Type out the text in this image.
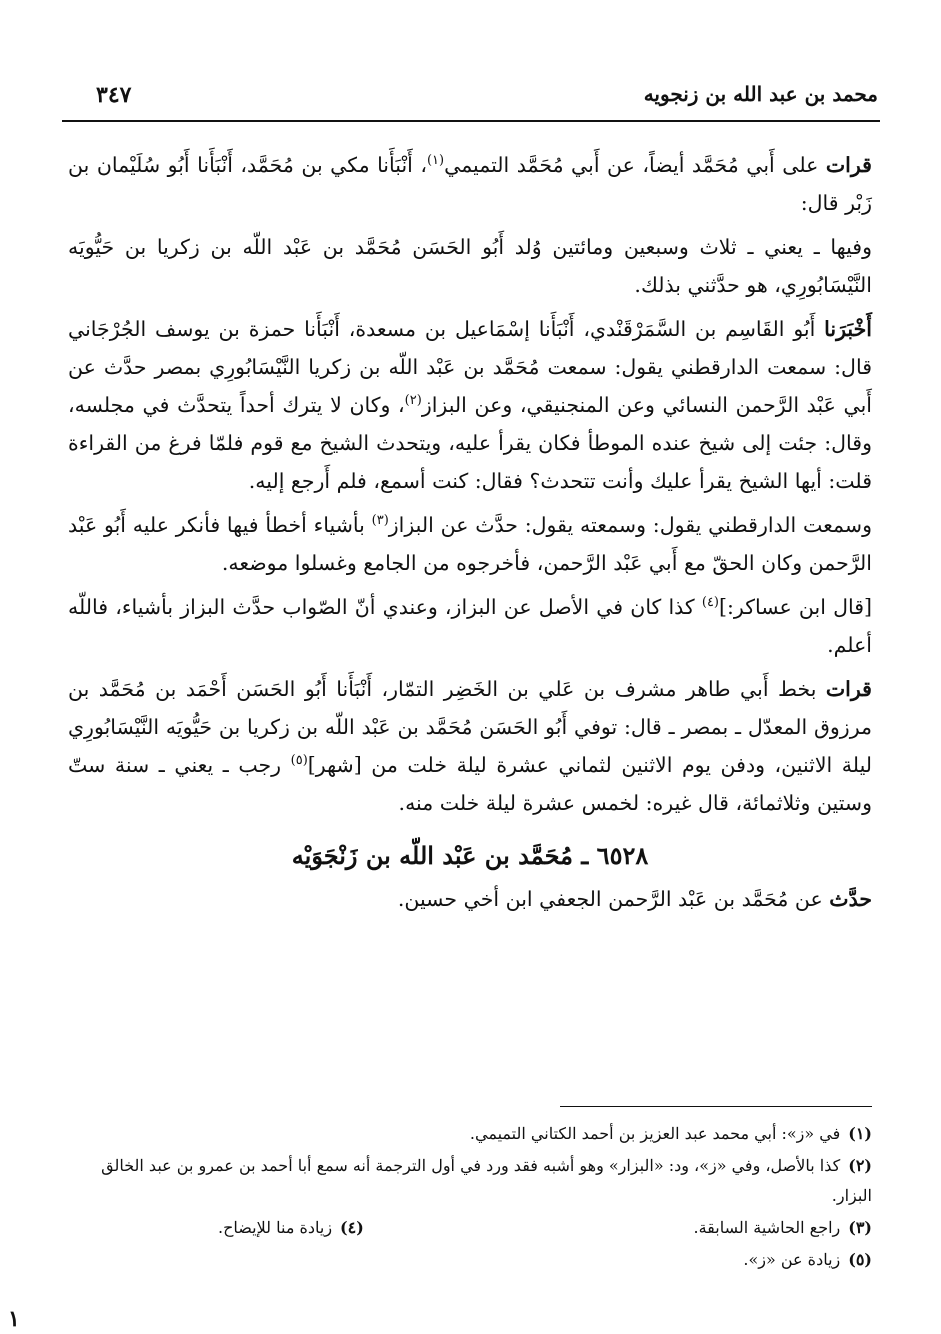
محمد بن عبد الله بن زنجويه
٣٤٧

قرات على أَبي مُحَمَّد أيضاً، عن أَبي مُحَمَّد التميمي$^{(١)}$، أَنْبَأَنا مكي بن مُحَمَّد، أَنْبَأَنا أَبُو سُلَيْمان بن زَبْر قال:

وفيها ـ يعني ـ ثلاث وسبعين ومائتين وُلد أَبُو الحَسَن مُحَمَّد بن عَبْد اللّه بن زكريا بن حَيُّويَه النَّيْسَابُورِي، هو حدَّثني بذلك.

أَخْبَرَنا أَبُو القَاسِم بن السَّمَرْقَنْدي، أَنْبَأَنا إسْمَاعيل بن مسعدة، أَنْبَأَنا حمزة بن يوسف الجُرْجَاني قال: سمعت الدارقطني يقول: سمعت مُحَمَّد بن عَبْد اللّه بن زكريا النَّيْسَابُورِي بمصر حدَّث عن أَبي عَبْد الرَّحمن النسائي وعن المنجنيقي، وعن البزاز$^{(٢)}$، وكان لا يترك أحداً يتحدَّث في مجلسه، وقال: جئت إلى شيخ عنده الموطأ فكان يقرأ عليه، ويتحدث الشيخ مع قوم فلمّا فرغ من القراءة قلت: أيها الشيخ يقرأ عليك وأنت تتحدث؟ فقال: كنت أسمع، فلم أَرجع إليه.

وسمعت الدارقطني يقول: وسمعته يقول: حدَّث عن البزاز$^{(٣)}$ بأشياء أخطأ فيها فأنكر عليه أَبُو عَبْد الرَّحمن وكان الحقّ مع أَبي عَبْد الرَّحمن، فأخرجوه من الجامع وغسلوا موضعه.

[قال ابن عساكر:]$^{(٤)}$ كذا كان في الأصل عن البزاز، وعندي أنّ الصّواب حدَّث البزاز بأشياء، فاللّه أعلم.

قرات بخط أَبي طاهر مشرف بن عَلي بن الخَضِر التمّار، أَنْبَأَنا أَبُو الحَسَن أَحْمَد بن مُحَمَّد بن مرزوق المعدّل ـ بمصر ـ قال: توفي أَبُو الحَسَن مُحَمَّد بن عَبْد اللّه بن زكريا بن حَيُّويَه النَّيْسَابُورِي ليلة الاثنين، ودفن يوم الاثنين لثماني عشرة ليلة خلت من [شهر]$^{(٥)}$ رجب ـ يعني ـ سنة ستّ وستين وثلاثمائة، قال غيره: لخمس عشرة ليلة خلت منه.

٦٥٢٨ ـ مُحَمَّد بن عَبْد اللّه بن زَنْجَوَيْه

حدَّث عن مُحَمَّد بن عَبْد الرَّحمن الجعفي ابن أخي حسين.

(١)في «ز»: أبي محمد عبد العزيز بن أحمد الكتاني التميمي.
(٢)كذا بالأصل، وفي «ز»، ود: «البزار» وهو أشبه فقد ورد في أول الترجمة أنه سمع أبا أحمد بن عمرو بن عبد الخالق البزار.
(٣)راجع الحاشية السابقة.
(٤)زيادة منا للإيضاح.
(٥)زيادة عن «ز».
١
